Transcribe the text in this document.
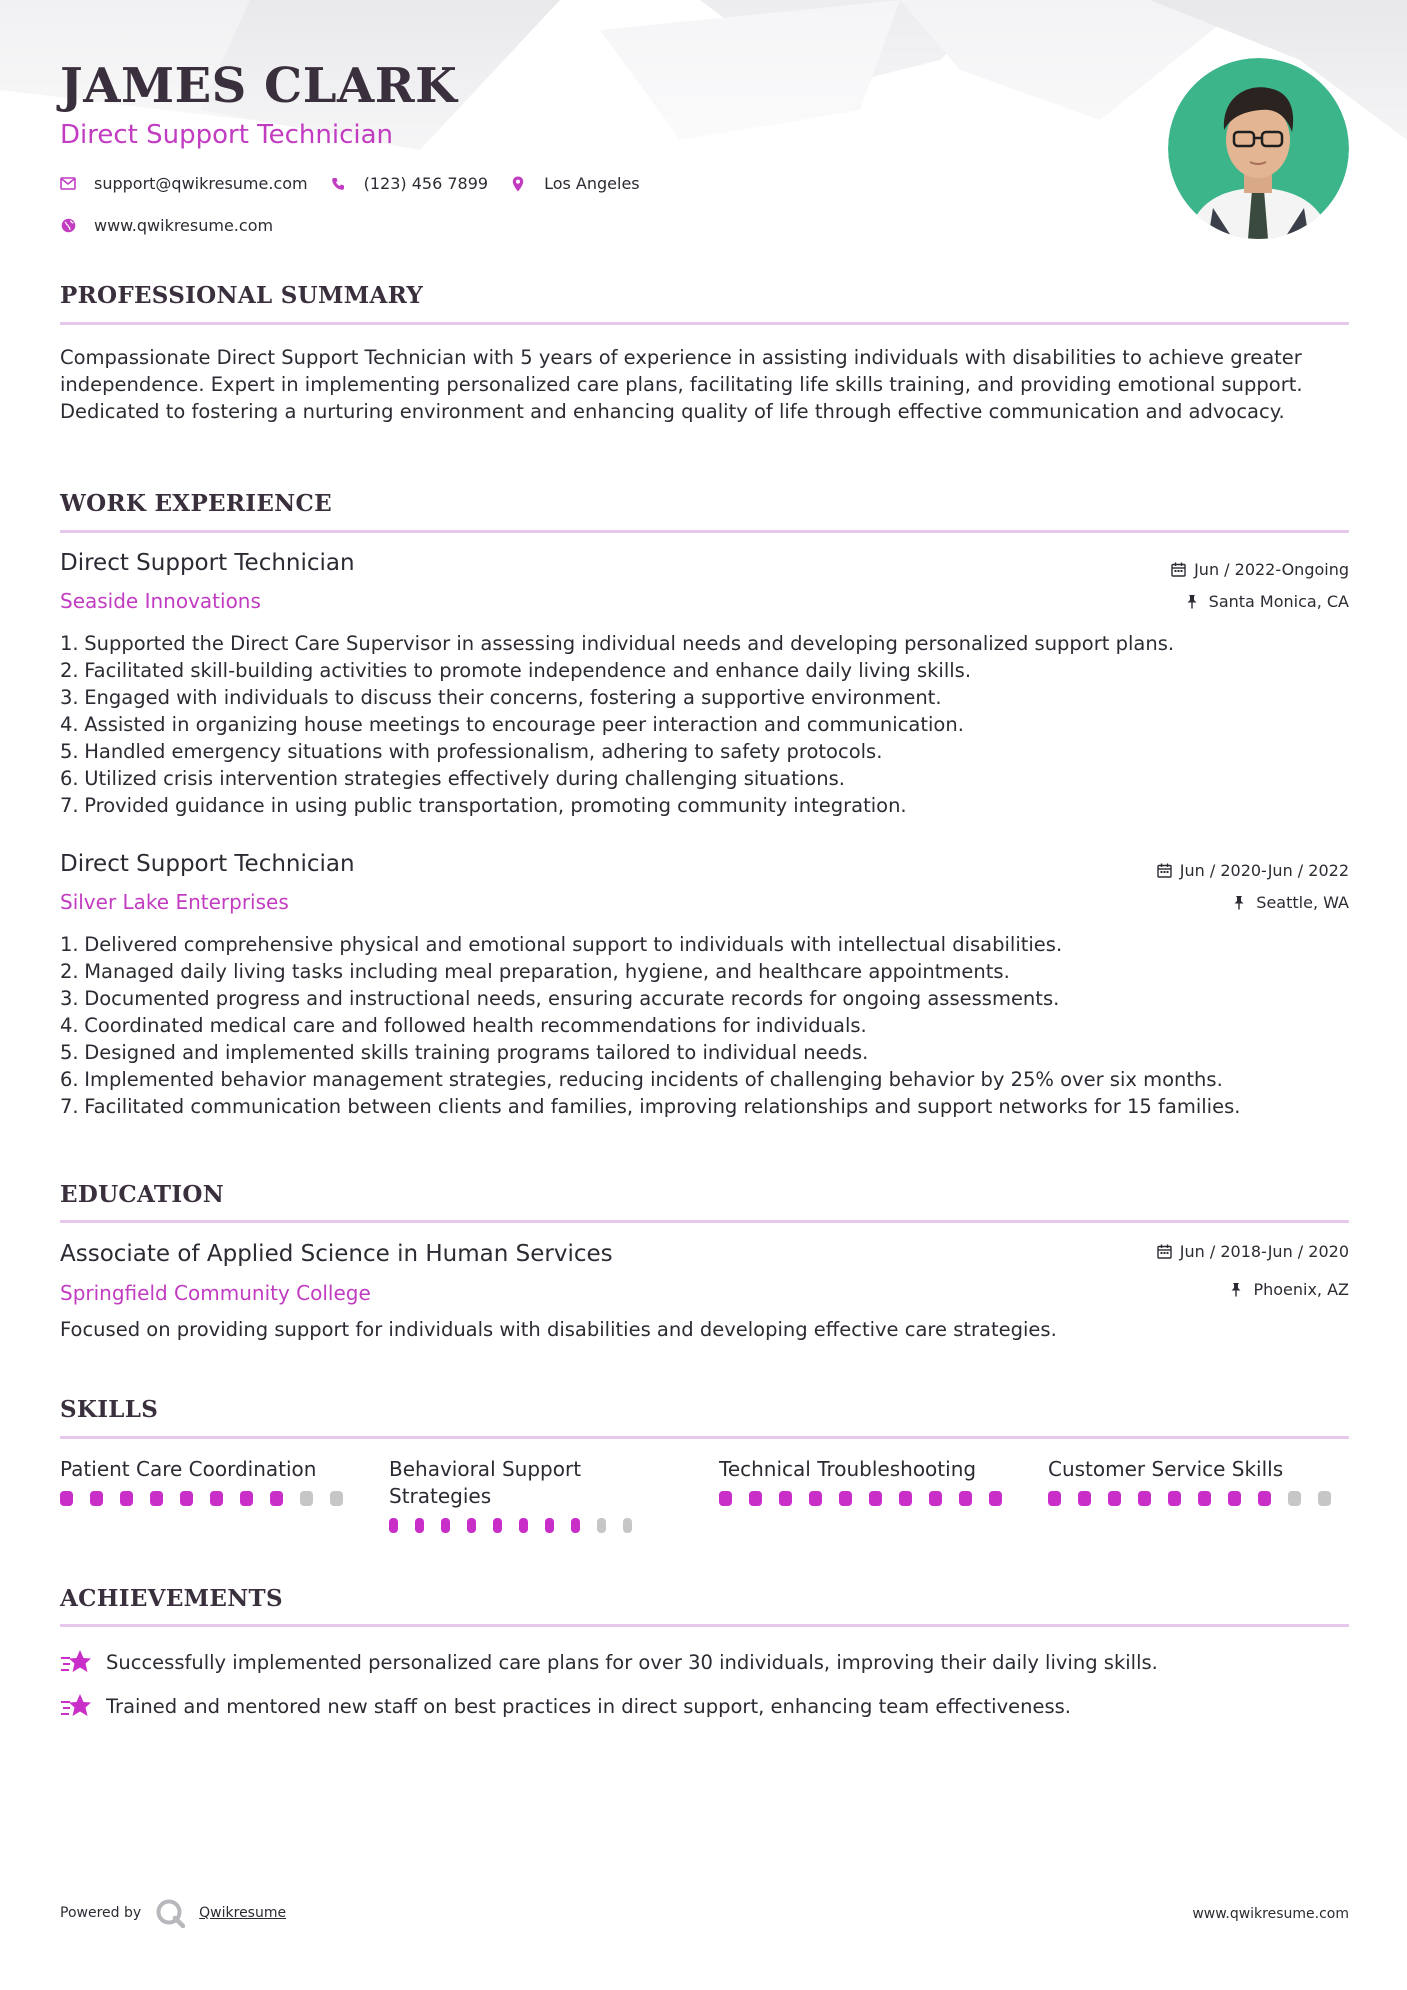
JAMES CLARK
Direct Support Technician
support@qwikresume.com	(123) 456 7899	Los Angeles
www.qwikresume.com
PROFESSIONAL SUMMARY
Compassionate Direct Support Technician with 5 years of experience in assisting individuals with disabilities to achieve greater independence. Expert in implementing personalized care plans, facilitating life skills training, and providing emotional support. Dedicated to fostering a nurturing environment and enhancing quality of life through effective communication and advocacy.
WORK EXPERIENCE
Direct Support Technician
Seaside Innovations
Jun / 2022-Ongoing
Santa Monica, CA
1.
Supported the Direct Care Supervisor in assessing individual needs and developing personalized support plans.
2.
Facilitated skill-building activities to promote independence and enhance daily living skills.
3.
Engaged with individuals to discuss their concerns, fostering a supportive environment.
4.
Assisted in organizing house meetings to encourage peer interaction and communication.
5.
Handled emergency situations with professionalism, adhering to safety protocols.
6.
Utilized crisis intervention strategies effectively during challenging situations.
7.
Provided guidance in using public transportation, promoting community integration.
Direct Support Technician
Silver Lake Enterprises
Jun / 2020-Jun / 2022
Seattle, WA
1.
Delivered comprehensive physical and emotional support to individuals with intellectual disabilities.
2.
Managed daily living tasks including meal preparation, hygiene, and healthcare appointments.
3.
Documented progress and instructional needs, ensuring accurate records for ongoing assessments.
4.
Coordinated medical care and followed health recommendations for individuals.
5.
Designed and implemented skills training programs tailored to individual needs.
6.
Implemented behavior management strategies, reducing incidents of challenging behavior by 25% over six months.
7.
Facilitated communication between clients and families, improving relationships and support networks for 15 families.
EDUCATION
Associate of Applied Science in Human Services
Springfield Community College
Jun / 2018-Jun / 2020
Phoenix, AZ
Focused on providing support for individuals with disabilities and developing effective care strategies.
SKILLS
Patient Care Coordination	Behavioral Support Strategies
Technical Troubleshooting	Customer Service Skills
ACHIEVEMENTS
Successfully implemented personalized care plans for over 30 individuals, improving their daily living skills.
Trained and mentored new staff on best practices in direct support, enhancing team effectiveness.
Powered by	Qwikresume	www.qwikresume.com
